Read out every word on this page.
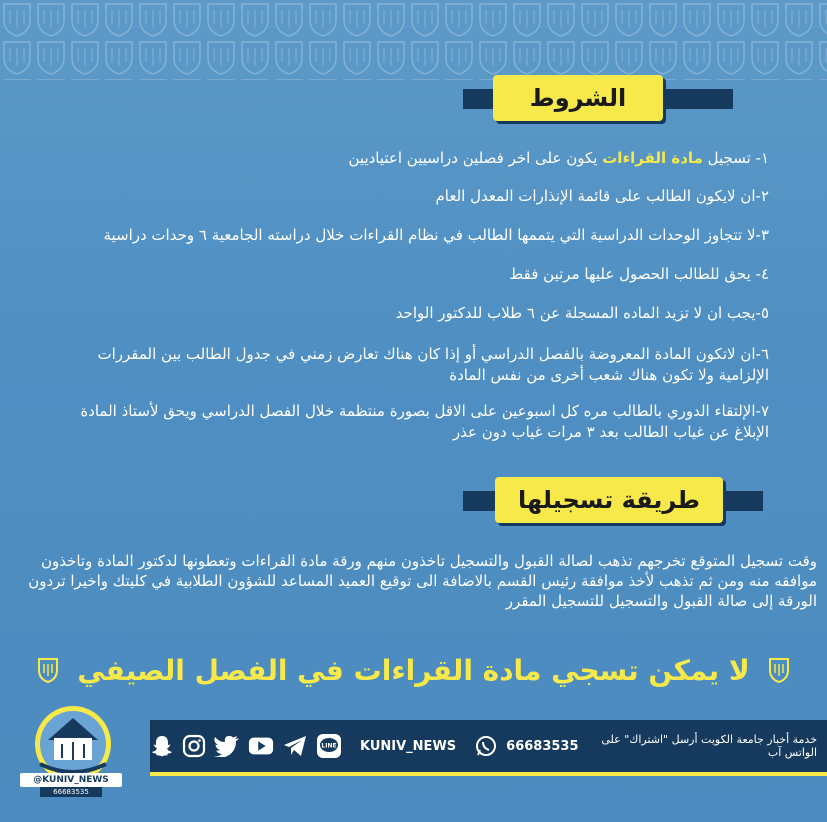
الشروط
١- تسجيل مادة القراءات يكون على اخر فصلين دراسيين اعتياديين
٢-ان لايكون الطالب على قائمة الإنذارات المعدل العام
٣-لا تتجاوز الوحدات الدراسية التي يتممها الطالب في نظام القراءات خلال دراسته الجامعية ٦ وحدات دراسية
٤- يحق للطالب الحصول عليها مرتين فقط
٥-يجب ان لا تزيد الماده المسجلة عن ٦ طلاب للدكتور الواحد
٦-ان لاتكون المادة المعروضة بالفصل الدراسي أو إذا كان هناك تعارض زمني في جدول الطالب بين المقررات الإلزامية ولا تكون هناك شعب أخرى من نفس المادة
٧-الإلتقاء الدوري بالطالب مره كل اسبوعين على الاقل بصورة منتظمة خلال الفصل الدراسي ويحق لأستاذ المادة الإبلاغ عن غياب الطالب بعد ٣ مرات غياب دون عذر
طريقة تسجيلها
وقت تسجيل المتوقع تخرجهم تذهب لصالة القبول والتسجيل تاخذون منهم ورقة مادة القراءات وتعطونها لدكتور المادة وتاخذون موافقه منه ومن ثم تذهب لأخذ موافقة رئيس القسم بالاضافة الى توقيع العميد المساعد للشؤون الطلابية في كليتك واخيرا تردون الورقة إلى صالة القبول والتسجيل للتسجيل المقرر
لا يمكن تسجي مادة القراءات في الفصل الصيفي
خدمة أخبار جامعة الكويت أرسل "اشتراك" على الواتس آب
66683535
KUNIV_NEWS
LINE
@KUNIV_NEWS
66683535
